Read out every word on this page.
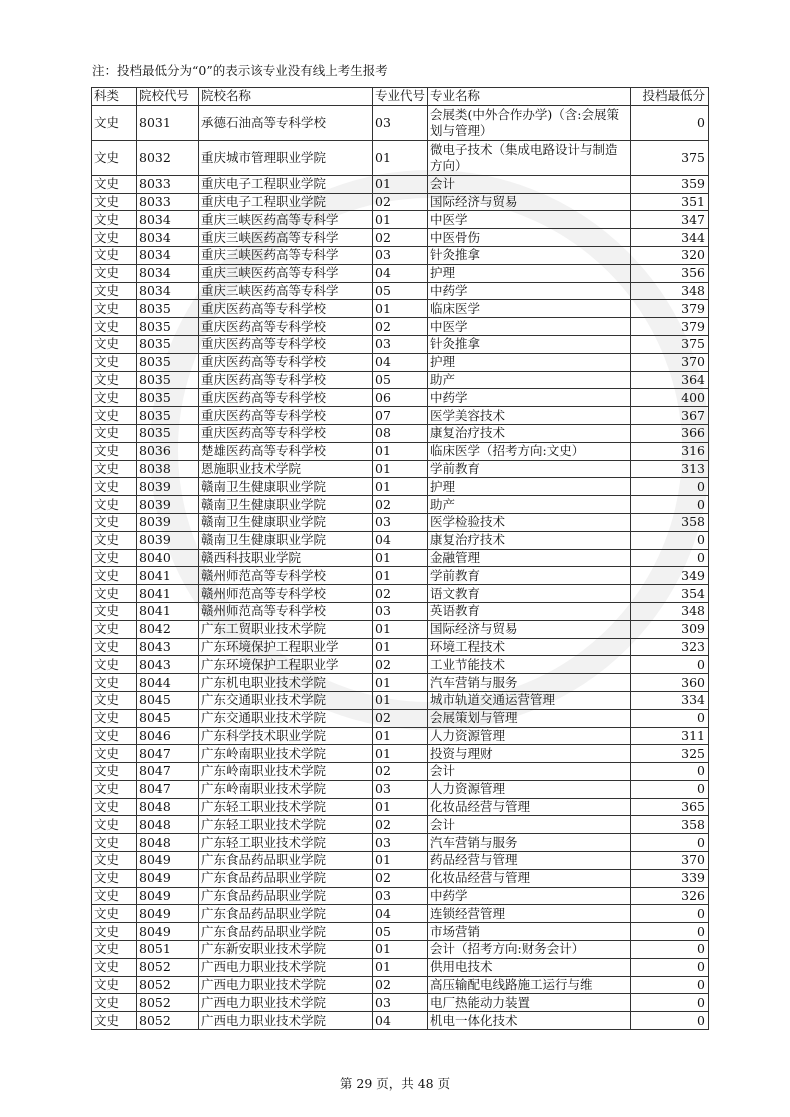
注：投档最低分为“0”的表示该专业没有线上考生报考
科类	院校代号	院校名称	专业代号	专业名称	投档最低分
文史	8031	承德石油高等专科学校	03	会展类(中外合作办学)（含:会展策划与管理）	0
文史	8032	重庆城市管理职业学院	01	微电子技术（集成电路设计与制造方向）	375
文史	8033	重庆电子工程职业学院	01	会计	359
文史	8033	重庆电子工程职业学院	02	国际经济与贸易	351
文史	8034	重庆三峡医药高等专科学	01	中医学	347
文史	8034	重庆三峡医药高等专科学	02	中医骨伤	344
文史	8034	重庆三峡医药高等专科学	03	针灸推拿	320
文史	8034	重庆三峡医药高等专科学	04	护理	356
文史	8034	重庆三峡医药高等专科学	05	中药学	348
文史	8035	重庆医药高等专科学校	01	临床医学	379
文史	8035	重庆医药高等专科学校	02	中医学	379
文史	8035	重庆医药高等专科学校	03	针灸推拿	375
文史	8035	重庆医药高等专科学校	04	护理	370
文史	8035	重庆医药高等专科学校	05	助产	364
文史	8035	重庆医药高等专科学校	06	中药学	400
文史	8035	重庆医药高等专科学校	07	医学美容技术	367
文史	8035	重庆医药高等专科学校	08	康复治疗技术	366
文史	8036	楚雄医药高等专科学校	01	临床医学（招考方向:文史）	316
文史	8038	恩施职业技术学院	01	学前教育	313
文史	8039	赣南卫生健康职业学院	01	护理	0
文史	8039	赣南卫生健康职业学院	02	助产	0
文史	8039	赣南卫生健康职业学院	03	医学检验技术	358
文史	8039	赣南卫生健康职业学院	04	康复治疗技术	0
文史	8040	赣西科技职业学院	01	金融管理	0
文史	8041	赣州师范高等专科学校	01	学前教育	349
文史	8041	赣州师范高等专科学校	02	语文教育	354
文史	8041	赣州师范高等专科学校	03	英语教育	348
文史	8042	广东工贸职业技术学院	01	国际经济与贸易	309
文史	8043	广东环境保护工程职业学	01	环境工程技术	323
文史	8043	广东环境保护工程职业学	02	工业节能技术	0
文史	8044	广东机电职业技术学院	01	汽车营销与服务	360
文史	8045	广东交通职业技术学院	01	城市轨道交通运营管理	334
文史	8045	广东交通职业技术学院	02	会展策划与管理	0
文史	8046	广东科学技术职业学院	01	人力资源管理	311
文史	8047	广东岭南职业技术学院	01	投资与理财	325
文史	8047	广东岭南职业技术学院	02	会计	0
文史	8047	广东岭南职业技术学院	03	人力资源管理	0
文史	8048	广东轻工职业技术学院	01	化妆品经营与管理	365
文史	8048	广东轻工职业技术学院	02	会计	358
文史	8048	广东轻工职业技术学院	03	汽车营销与服务	0
文史	8049	广东食品药品职业学院	01	药品经营与管理	370
文史	8049	广东食品药品职业学院	02	化妆品经营与管理	339
文史	8049	广东食品药品职业学院	03	中药学	326
文史	8049	广东食品药品职业学院	04	连锁经营管理	0
文史	8049	广东食品药品职业学院	05	市场营销	0
文史	8051	广东新安职业技术学院	01	会计（招考方向:财务会计）	0
文史	8052	广西电力职业技术学院	01	供用电技术	0
文史	8052	广西电力职业技术学院	02	高压输配电线路施工运行与维	0
文史	8052	广西电力职业技术学院	03	电厂热能动力装置	0
文史	8052	广西电力职业技术学院	04	机电一体化技术	0
第 29 页，共 48 页
